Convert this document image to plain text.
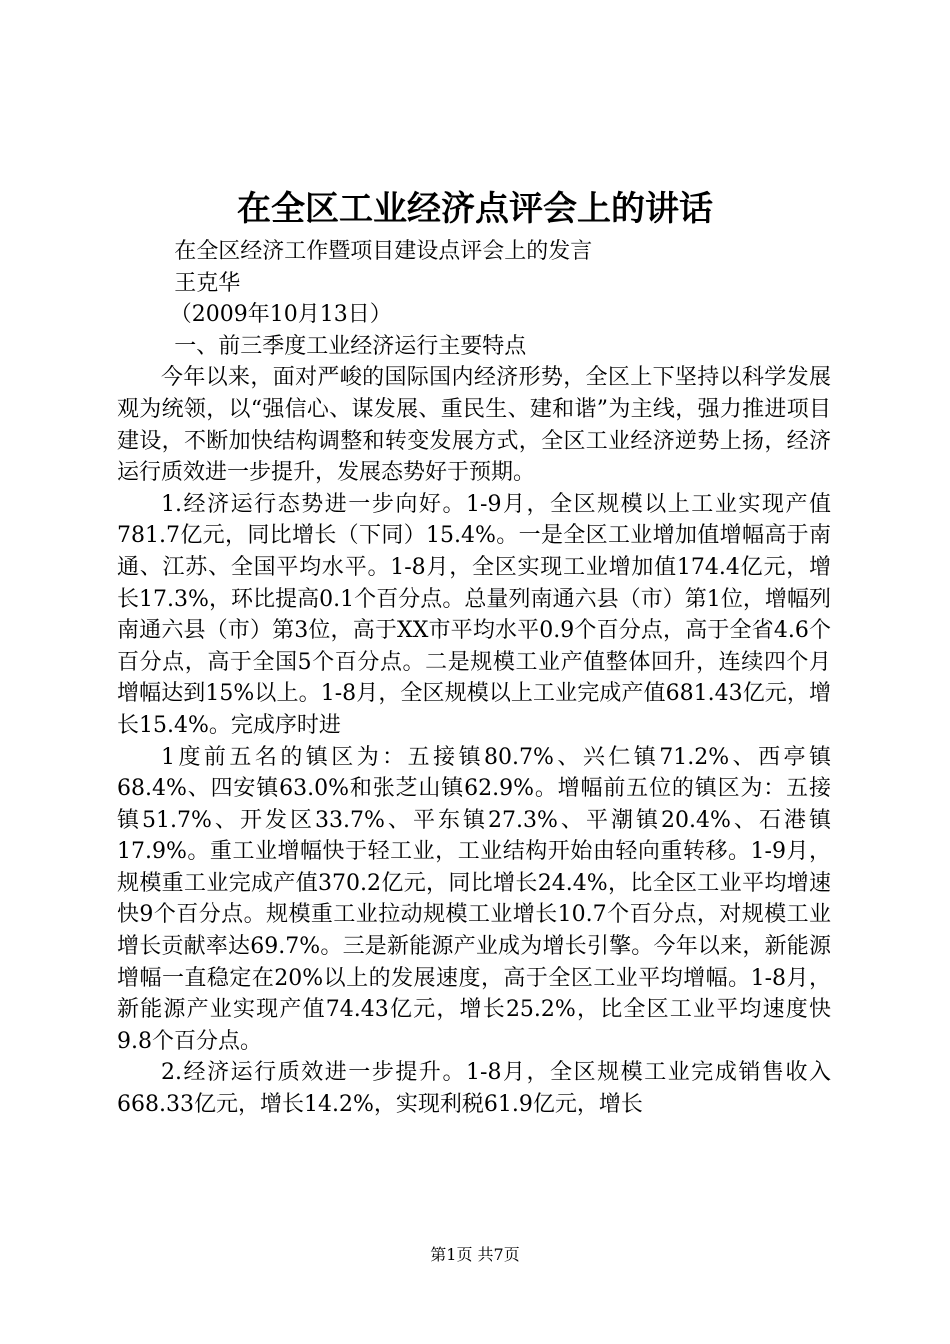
在全区工业经济点评会上的讲话

在全区经济工作暨项目建设点评会上的发言

王克华

（2009年10月13日）

一、前三季度工业经济运行主要特点

今年以来，面对严峻的国际国内经济形势，全区上下坚持以科学发展观为统领，以“强信心、谋发展、重民生、建和谐”为主线，强力推进项目建设，不断加快结构调整和转变发展方式，全区工业经济逆势上扬，经济运行质效进一步提升，发展态势好于预期。

1.经济运行态势进一步向好。1-9月，全区规模以上工业实现产值781.7亿元，同比增长（下同）15.4%。一是全区工业增加值增幅高于南通、江苏、全国平均水平。1-8月，全区实现工业增加值174.4亿元，增长17.3%，环比提高0.1个百分点。总量列南通六县（市）第1位，增幅列南通六县（市）第3位，高于XX市平均水平0.9个百分点，高于全省4.6个百分点，高于全国5个百分点。二是规模工业产值整体回升，连续四个月增幅达到15%以上。1-8月，全区规模以上工业完成产值681.43亿元，增长15.4%。完成序时进

1度前五名的镇区为：五接镇80.7%、兴仁镇71.2%、西亭镇68.4%、四安镇63.0%和张芝山镇62.9%。增幅前五位的镇区为：五接镇51.7%、开发区33.7%、平东镇27.3%、平潮镇20.4%、石港镇17.9%。重工业增幅快于轻工业，工业结构开始由轻向重转移。1-9月，规模重工业完成产值370.2亿元，同比增长24.4%，比全区工业平均增速快9个百分点。规模重工业拉动规模工业增长10.7个百分点，对规模工业增长贡献率达69.7%。三是新能源产业成为增长引擎。今年以来，新能源增幅一直稳定在20%以上的发展速度，高于全区工业平均增幅。1-8月，新能源产业实现产值74.43亿元，增长25.2%，比全区工业平均速度快9.8个百分点。

2.经济运行质效进一步提升。1-8月，全区规模工业完成销售收入668.33亿元，增长14.2%，实现利税61.9亿元，增长

第1页 共7页
